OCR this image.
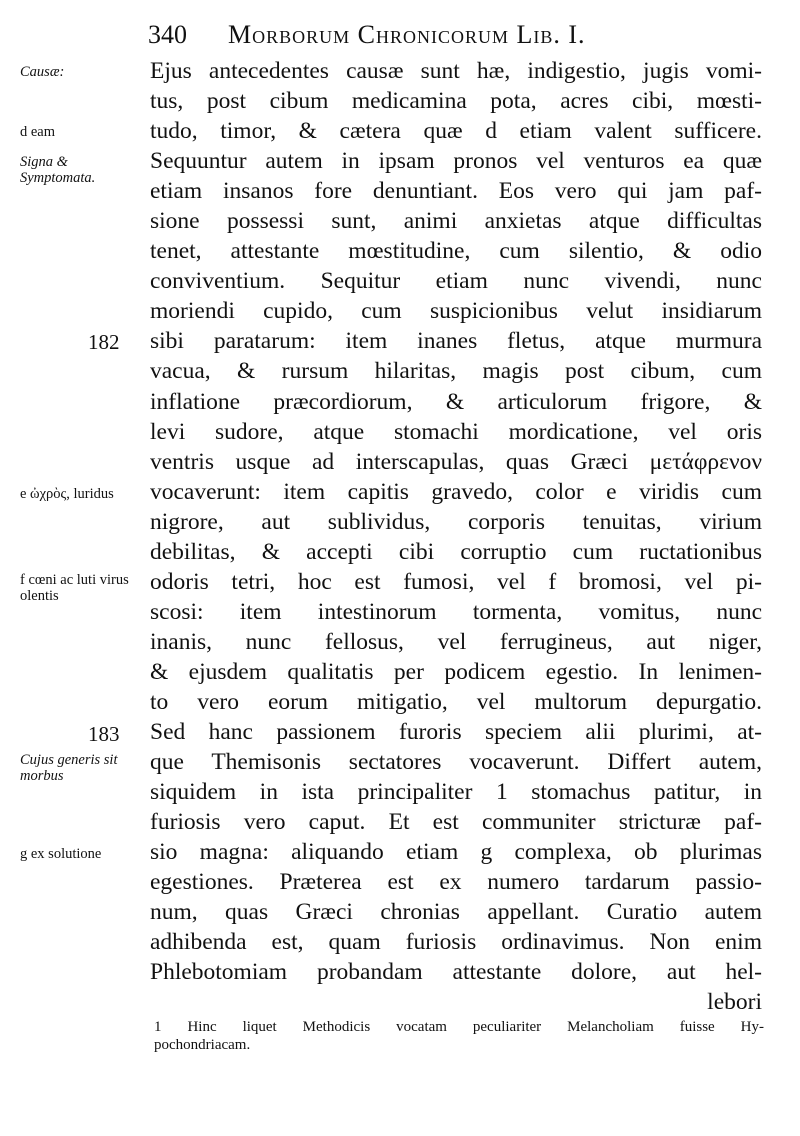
340 Morborum Chronicorum Lib. I.
Causæ:
d eam
Signa & Symptomata.
182
e ὠχρὸς, luridus
f cœni ac luti virus olentis
183
Cujus generis sit morbus
g ex solutione
Ejus antecedentes causæ sunt hæ, indigestio, jugis vomi-
tus, post cibum medicamina pota, acres cibi, mœsti-
tudo, timor, & cætera quæ d etiam valent sufficere.
Sequuntur autem in ipsam pronos vel venturos ea quæ
etiam insanos fore denuntiant. Eos vero qui jam paf-
sione possessi sunt, animi anxietas atque difficultas
tenet, attestante mœstitudine, cum silentio, & odio
conviventium. Sequitur etiam nunc vivendi, nunc
moriendi cupido, cum suspicionibus velut insidiarum
sibi paratarum: item inanes fletus, atque murmura
vacua, & rursum hilaritas, magis post cibum, cum
inflatione præcordiorum, & articulorum frigore, &
levi sudore, atque stomachi mordicatione, vel oris
ventris usque ad interscapulas, quas Græci μετάφρενον
vocaverunt: item capitis gravedo, color e viridis cum
nigrore, aut sublividus, corporis tenuitas, virium
debilitas, & accepti cibi corruptio cum ructationibus
odoris tetri, hoc est fumosi, vel f bromosi, vel pi-
scosi: item intestinorum tormenta, vomitus, nunc
inanis, nunc fellosus, vel ferrugineus, aut niger,
& ejusdem qualitatis per podicem egestio. In lenimen-
to vero eorum mitigatio, vel multorum depurgatio.
Sed hanc passionem furoris speciem alii plurimi, at-
que Themisonis sectatores vocaverunt. Differt autem,
siquidem in ista principaliter 1 stomachus patitur, in
furiosis vero caput. Et est communiter stricturæ paf-
sio magna: aliquando etiam g complexa, ob plurimas
egestiones. Præterea est ex numero tardarum passio-
num, quas Græci chronias appellant. Curatio autem
adhibenda est, quam furiosis ordinavimus. Non enim
Phlebotomiam probandam attestante dolore, aut hel-
lebori
1 Hinc liquet Methodicis vocatam peculiariter Melancholiam fuisse Hy-
pochondriacam.
